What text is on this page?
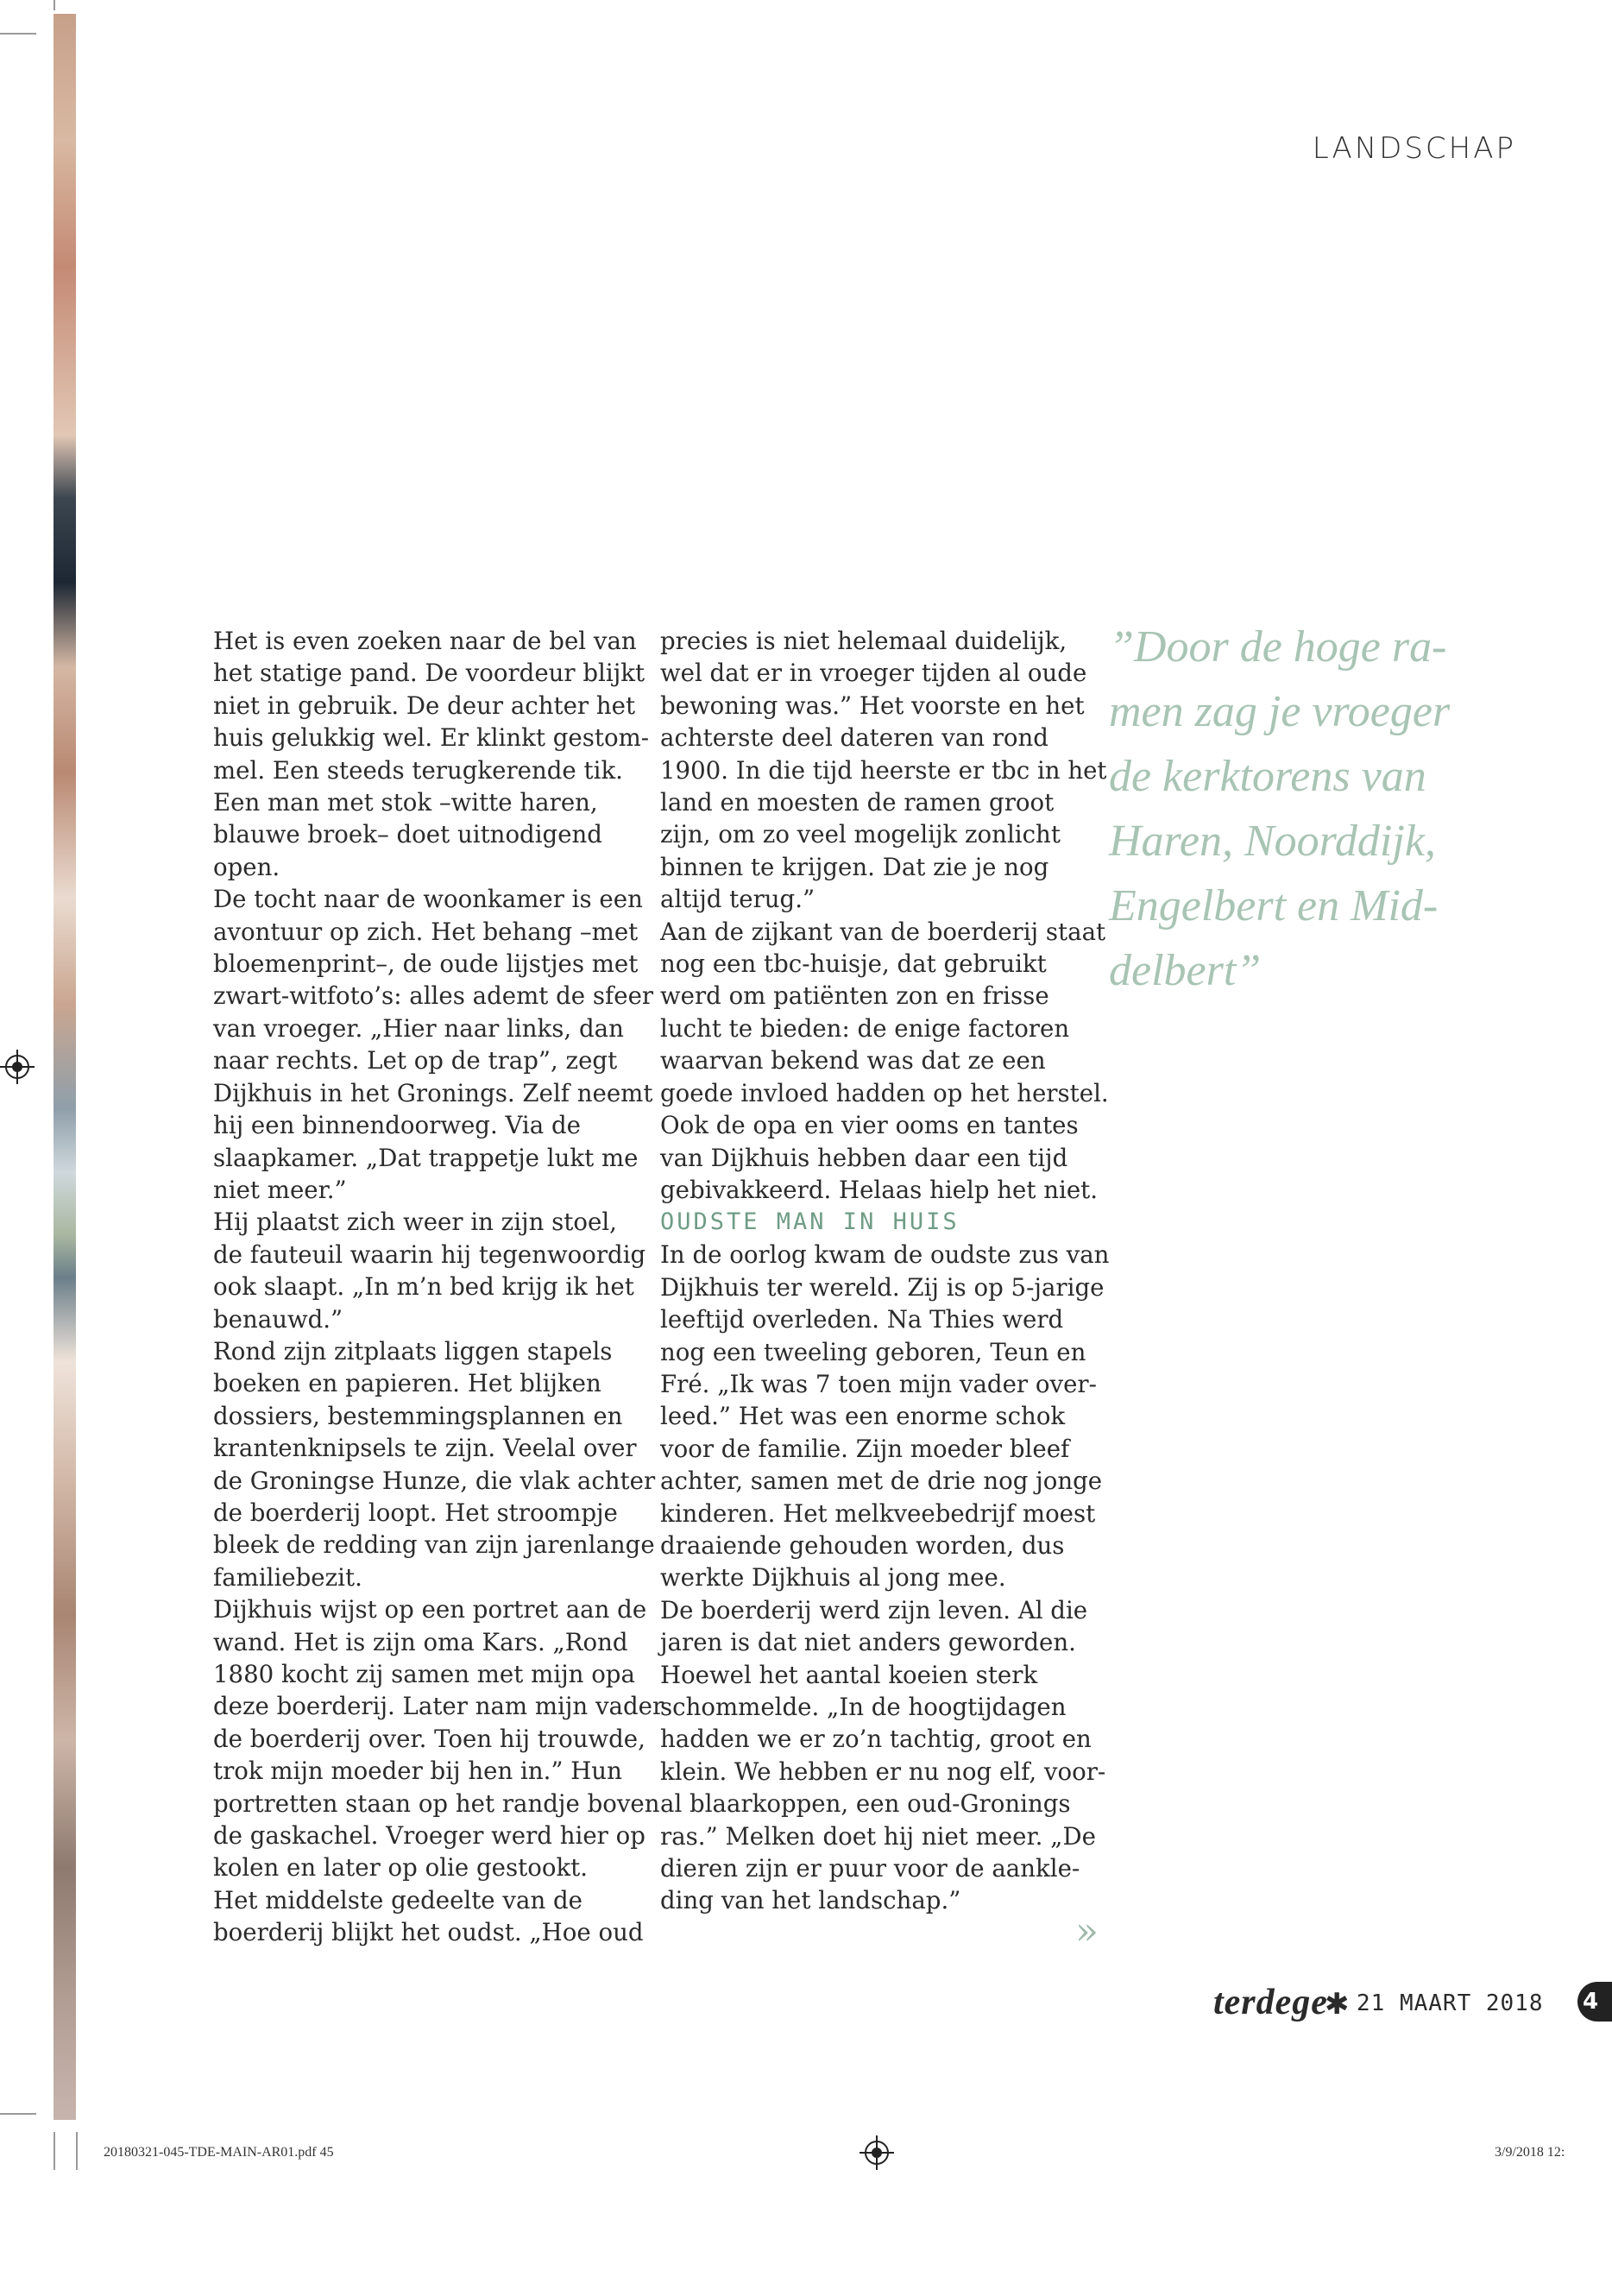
LANDSCHAP

Het is even zoeken naar de bel van

het statige pand. De voordeur blijkt

niet in gebruik. De deur achter het

huis gelukkig wel. Er klinkt gestom-

mel. Een steeds terugkerende tik.

Een man met stok –witte haren,

blauwe broek– doet uitnodigend

open.

De tocht naar de woonkamer is een

avontuur op zich. Het behang –met

bloemenprint–, de oude lijstjes met

zwart-witfoto’s: alles ademt de sfeer

van vroeger. „Hier naar links, dan

naar rechts. Let op de trap”, zegt

Dijkhuis in het Gronings. Zelf neemt

hij een binnendoorweg. Via de

slaapkamer. „Dat trappetje lukt me

niet meer.”

Hij plaatst zich weer in zijn stoel,

de fauteuil waarin hij tegenwoordig

ook slaapt. „In m’n bed krijg ik het

benauwd.”

Rond zijn zitplaats liggen stapels

boeken en papieren. Het blijken

dossiers, bestemmingsplannen en

krantenknipsels te zijn. Veelal over

de Groningse Hunze, die vlak achter

de boerderij loopt. Het stroompje

bleek de redding van zijn jarenlange

familiebezit.

Dijkhuis wijst op een portret aan de

wand. Het is zijn oma Kars. „Rond

1880 kocht zij samen met mijn opa

deze boerderij. Later nam mijn vader

de boerderij over. Toen hij trouwde,

trok mijn moeder bij hen in.” Hun

portretten staan op het randje boven

de gaskachel. Vroeger werd hier op

kolen en later op olie gestookt.

Het middelste gedeelte van de

boerderij blijkt het oudst. „Hoe oud

precies is niet helemaal duidelijk,

wel dat er in vroeger tijden al oude

bewoning was.” Het voorste en het

achterste deel dateren van rond

1900. In die tijd heerste er tbc in het

land en moesten de ramen groot

zijn, om zo veel mogelijk zonlicht

binnen te krijgen. Dat zie je nog

altijd terug.”

Aan de zijkant van de boerderij staat

nog een tbc-huisje, dat gebruikt

werd om patiënten zon en frisse

lucht te bieden: de enige factoren

waarvan bekend was dat ze een

goede invloed hadden op het herstel.

Ook de opa en vier ooms en tantes

van Dijkhuis hebben daar een tijd

gebivakkeerd. Helaas hielp het niet.

OUDSTE MAN IN HUIS

In de oorlog kwam de oudste zus van

Dijkhuis ter wereld. Zij is op 5-jarige

leeftijd overleden. Na Thies werd

nog een tweeling geboren, Teun en

Fré. „Ik was 7 toen mijn vader over-

leed.” Het was een enorme schok

voor de familie. Zijn moeder bleef

achter, samen met de drie nog jonge

kinderen. Het melkveebedrijf moest

draaiende gehouden worden, dus

werkte Dijkhuis al jong mee.

De boerderij werd zijn leven. Al die

jaren is dat niet anders geworden.

Hoewel het aantal koeien sterk

schommelde. „In de hoogtijdagen

hadden we er zo’n tachtig, groot en

klein. We hebben er nu nog elf, voor-

al blaarkoppen, een oud-Gronings

ras.” Melken doet hij niet meer. „De

dieren zijn er puur voor de aankle-

ding van het landschap.”

»

”Door de hoge ra-

men zag je vroeger

de kerktorens van

Haren, Noorddijk,

Engelbert en Mid-

delbert”

terdege
✱ 21 MAART 2018 4
20180321-045-TDE-MAIN-AR01.pdf 45	3/9/2018 12:
